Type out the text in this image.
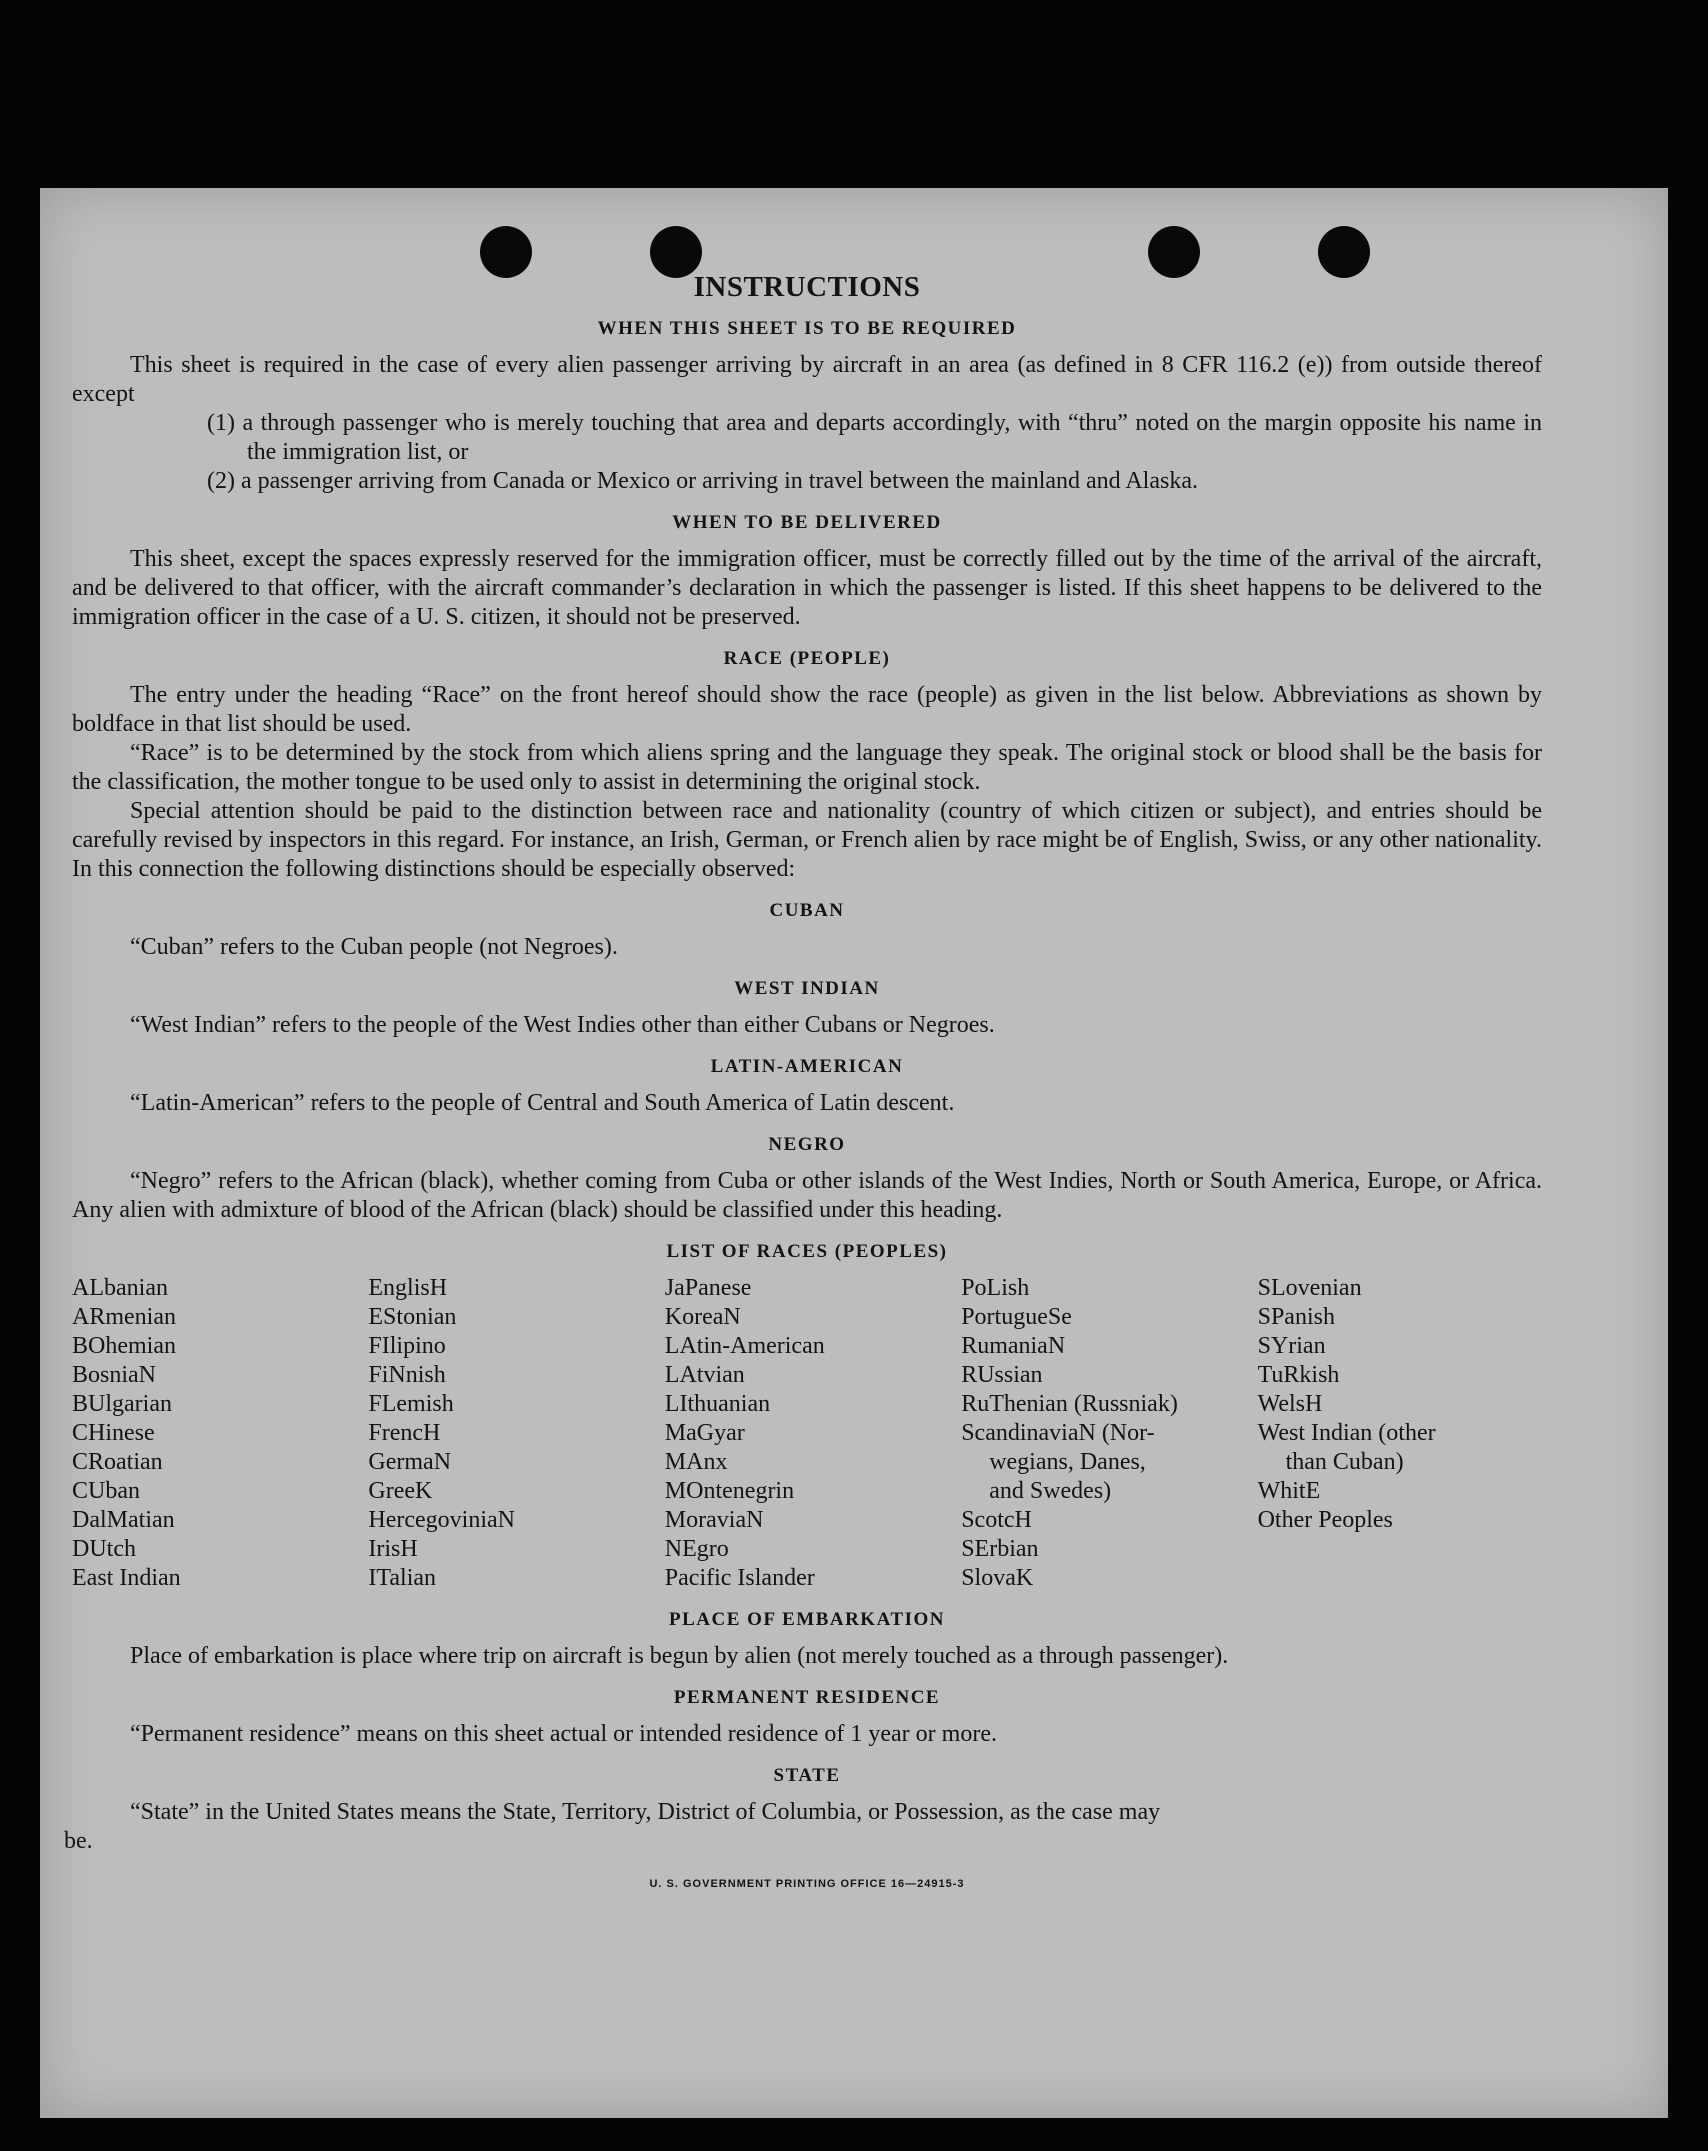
INSTRUCTIONS
WHEN THIS SHEET IS TO BE REQUIRED

This sheet is required in the case of every alien passenger arriving by aircraft in an area (as defined in 8 CFR 116.2 (e)) from outside thereof except

(1) a through passenger who is merely touching that area and departs accordingly, with “thru” noted on the margin opposite his name in the immigration list, or

(2) a passenger arriving from Canada or Mexico or arriving in travel between the mainland and Alaska.

WHEN TO BE DELIVERED

This sheet, except the spaces expressly reserved for the immigration officer, must be correctly filled out by the time of the arrival of the aircraft, and be delivered to that officer, with the aircraft commander’s declaration in which the passenger is listed. If this sheet happens to be delivered to the immigration officer in the case of a U. S. citizen, it should not be preserved.

RACE (PEOPLE)

The entry under the heading “Race” on the front hereof should show the race (people) as given in the list below. Abbreviations as shown by boldface in that list should be used.

“Race” is to be determined by the stock from which aliens spring and the language they speak. The original stock or blood shall be the basis for the classification, the mother tongue to be used only to assist in determining the original stock.

Special attention should be paid to the distinction between race and nationality (country of which citizen or subject), and entries should be carefully revised by inspectors in this regard. For instance, an Irish, German, or French alien by race might be of English, Swiss, or any other nationality. In this connection the following distinctions should be especially observed:

CUBAN

“Cuban” refers to the Cuban people (not Negroes).

WEST INDIAN

“West Indian” refers to the people of the West Indies other than either Cubans or Negroes.

LATIN-AMERICAN

“Latin-American” refers to the people of Central and South America of Latin descent.

NEGRO

“Negro” refers to the African (black), whether coming from Cuba or other islands of the West Indies, North or South America, Europe, or Africa. Any alien with admixture of blood of the African (black) should be classified under this heading.

LIST OF RACES (PEOPLES)
ALbanian
ARmenian
BOhemian
BosniaN
BUlgarian
CHinese
CRoatian
CUban
DalMatian
DUtch
East Indian
EnglisH
EStonian
FIlipino
FiNnish
FLemish
FrencH
GermaN
GreeK
HercegoviniaN
IrisH
ITalian
JaPanese
KoreaN
LAtin-American
LAtvian
LIthuanian
MaGyar
MAnx
MOntenegrin
MoraviaN
NEgro
Pacific Islander
PoLish
PortugueSe
RumaniaN
RUssian
RuThenian (Russniak)
ScandinaviaN (Nor-
wegians, Danes,
and Swedes)
ScotcH
SErbian
SlovaK
SLovenian
SPanish
SYrian
TuRkish
WelsH
West Indian (other
than Cuban)
WhitE
Other Peoples
PLACE OF EMBARKATION

Place of embarkation is place where trip on aircraft is begun by alien (not merely touched as a through passenger).

PERMANENT RESIDENCE

“Permanent residence” means on this sheet actual or intended residence of 1 year or more.

STATE

“State” in the United States means the State, Territory, District of Columbia, or Possession, as the case may

be.

U. S. GOVERNMENT PRINTING OFFICE 16—24915-3
